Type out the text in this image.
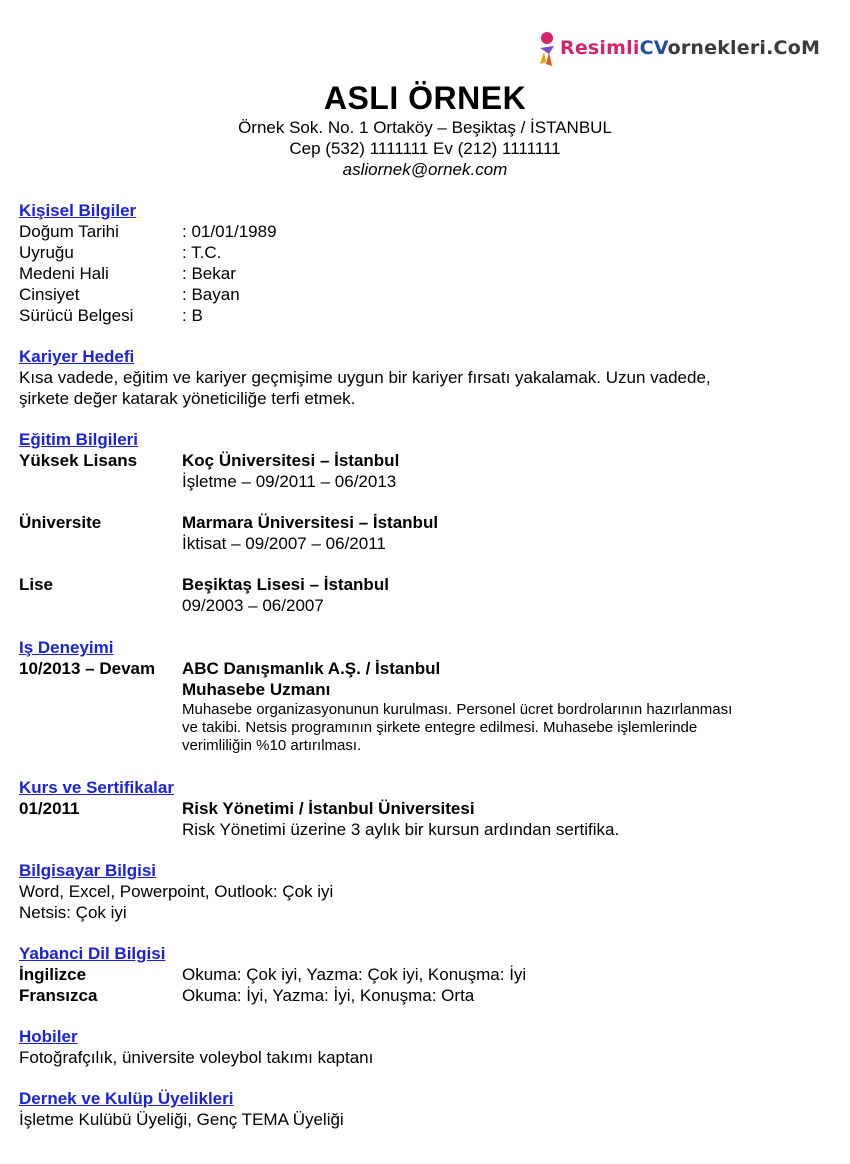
ResimliCVornekleri.CoM
ASLI ÖRNEK
Örnek Sok. No. 1 Ortaköy – Beşiktaş / İSTANBUL
Cep (532) 1111111 Ev (212) 1111111
asliornek@ornek.com
Kişisel Bilgiler
Doğum Tarihi	: 01/01/1989
Uyruğu	: T.C.
Medeni Hali	: Bekar
Cinsiyet	: Bayan
Sürücü Belgesi	: B
Kariyer Hedefi
Kısa vadede, eğitim ve kariyer geçmişime uygun bir kariyer fırsatı yakalamak. Uzun vadede,
şirkete değer katarak yöneticiliğe terfi etmek.
Eğitim Bilgileri
Yüksek Lisans	Koç Üniversitesi – İstanbul
İşletme – 09/2011 – 06/2013
Üniversite	Marmara Üniversitesi – İstanbul
İktisat – 09/2007 – 06/2011
Lise	Beşiktaş Lisesi – İstanbul
09/2003 – 06/2007
Iş Deneyimi
10/2013 – Devam ABC Danışmanlık A.Ş. / İstanbul
Muhasebe Uzmanı
Muhasebe organizasyonunun kurulması. Personel ücret bordrolarının hazırlanması
ve takibi. Netsis programının şirkete entegre edilmesi. Muhasebe işlemlerinde
verimliliğin %10 artırılması.
Kurs ve Sertifikalar
01/2011	Risk Yönetimi / İstanbul Üniversitesi
Risk Yönetimi üzerine 3 aylık bir kursun ardından sertifika.
Bilgisayar Bilgisi
Word, Excel, Powerpoint, Outlook: Çok iyi
Netsis: Çok iyi
Yabanci Dil Bilgisi
İngilizce	Okuma: Çok iyi, Yazma: Çok iyi, Konuşma: İyi
Fransızca	Okuma: İyi, Yazma: İyi, Konuşma: Orta
Hobiler
Fotoğrafçılık, üniversite voleybol takımı kaptanı
Dernek ve Kulüp Üyelikleri
İşletme Kulübü Üyeliği, Genç TEMA Üyeliği
